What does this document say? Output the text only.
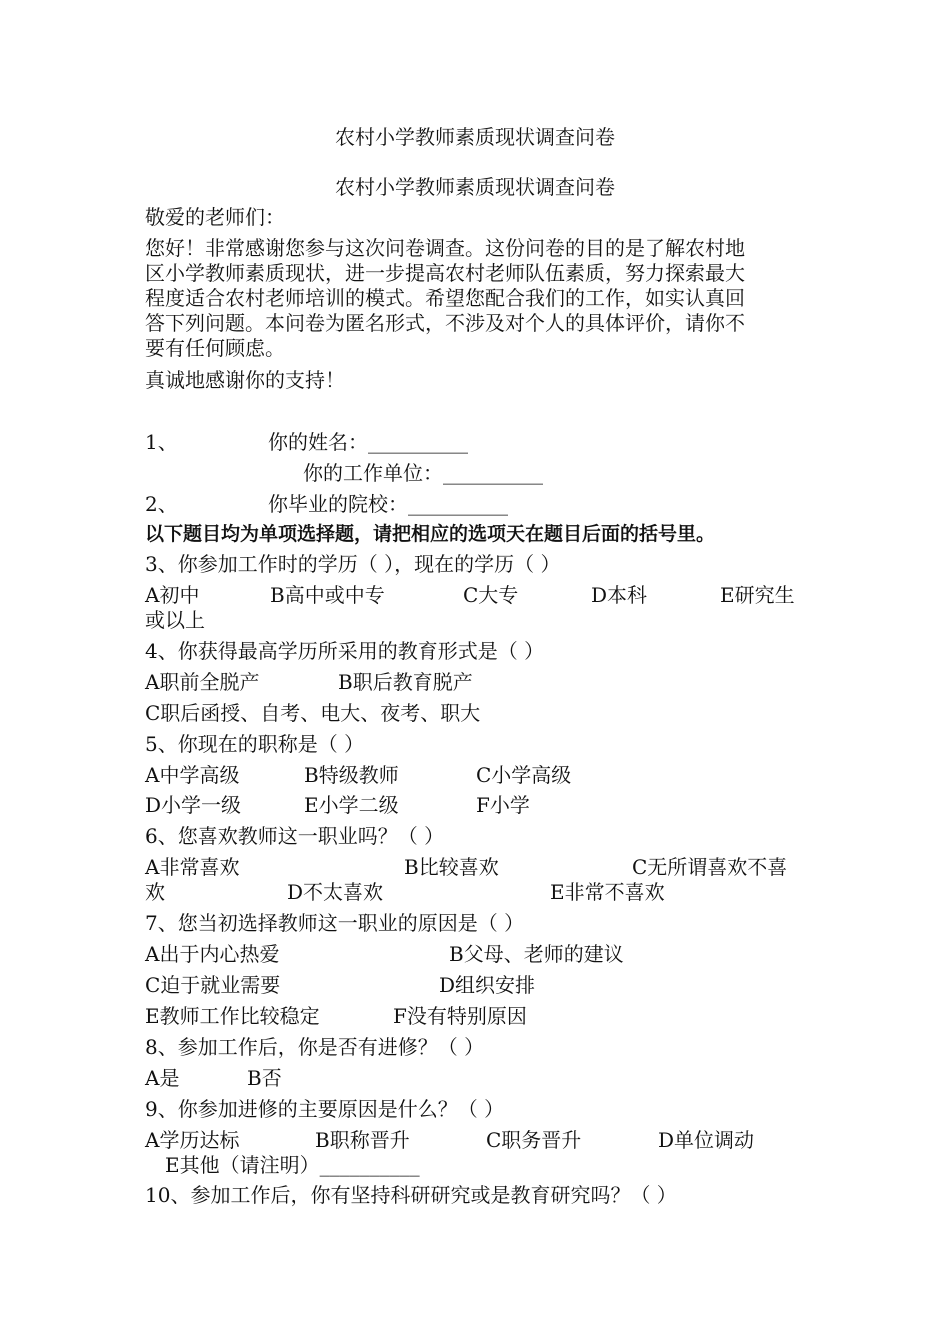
农村小学教师素质现状调查问卷
农村小学教师素质现状调查问卷
敬爱的老师们：
您好！非常感谢您参与这次问卷调查。这份问卷的目的是了解农村地
区小学教师素质现状，进一步提高农村老师队伍素质，努力探索最大
程度适合农村老师培训的模式。希望您配合我们的工作，如实认真回
答下列问题。本问卷为匿名形式，不涉及对个人的具体评价，请你不
要有任何顾虑。
真诚地感谢你的支持！
1、	你的姓名：__________
你的工作单位：__________
2、	你毕业的院校：__________
以下题目均为单项选择题，请把相应的选项天在题目后面的括号里。
3、你参加工作时的学历（ ），现在的学历（ ）
A初中	B高中或中专	C大专	D本科	E研究生
或以上
4、你获得最高学历所采用的教育形式是（ ）
A职前全脱产	B职后教育脱产
C职后函授、自考、电大、夜考、职大
5、你现在的职称是（ ）
A中学高级	B特级教师	C小学高级
D小学一级	E小学二级	F小学
6、您喜欢教师这一职业吗？（ ）
A非常喜欢	B比较喜欢	C无所谓喜欢不喜
欢	D不太喜欢	E非常不喜欢
7、您当初选择教师这一职业的原因是（ ）
A出于内心热爱	B父母、老师的建议
C迫于就业需要	D组织安排
E教师工作比较稳定	F没有特别原因
8、参加工作后，你是否有进修？（ ）
A是	B否
9、你参加进修的主要原因是什么？（ ）
A学历达标	B职称晋升	C职务晋升	D单位调动
E其他（请注明）__________
10、参加工作后，你有坚持科研研究或是教育研究吗？（ ）
